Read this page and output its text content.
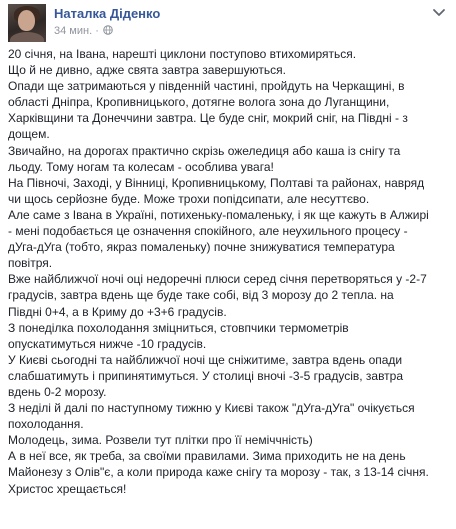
Наталка Діденко
34 мин. ·

20 січня, на Івана, нарешті циклони поступово втихомиряться.

Що й не дивно, адже свята завтра завершуються.

Опади ще затримаються у південній частині, пройдуть на Черкащині, в

області Дніпра, Кропивницького, дотягне волога зона до Луганщини,

Харківщини та Донеччини завтра. Це буде сніг, мокрий сніг, на Півдні - з

дощем.

Звичайно, на дорогах практично скрізь ожеледиця або каша із снігу та

льоду. Тому ногам та колесам - особлива увага!

На Півночі, Заході, у Вінниці, Кропивницькому, Полтаві та районах, навряд

чи щось серйозне буде. Може трохи попідсипати, але несуттєво.

Але саме з Івана в Україні, потихеньку-помаленьку, і як ще кажуть в Алжирі

- мені подобається це означення спокійного, але неухильного процесу -

дУга-дУга (тобто, якраз помаленьку) почне знижуватися температура

повітря.

Вже найближчої ночі оці недоречні плюси серед січня перетворяться у -2-7

градусів, завтра вдень ще буде таке собі, від 3 морозу до 2 тепла. на

Півдні 0+4, а в Криму до +3+6 градусів.

З понеділка похолодання зміцниться, стовпчики термометрів

опускатимуться нижче -10 градусів.

У Києві сьогодні та найближчої ночі ще сніжитиме, завтра вдень опади

слабшатимуть і припинятимуться. У столиці вночі -3-5 градусів, завтра

вдень 0-2 морозу.

З неділі й далі по наступному тижню у Києві також "дУга-дУга" очікується

похолодання.

Молодець, зима. Розвели тут плітки про її неміччність)

А в неї все, як треба, за своїми правилами. Зима приходить не на день

Майонезу з Олів"є, а коли природа каже снігу та морозу - так, з 13-14 січня.

Христос хрещається!
